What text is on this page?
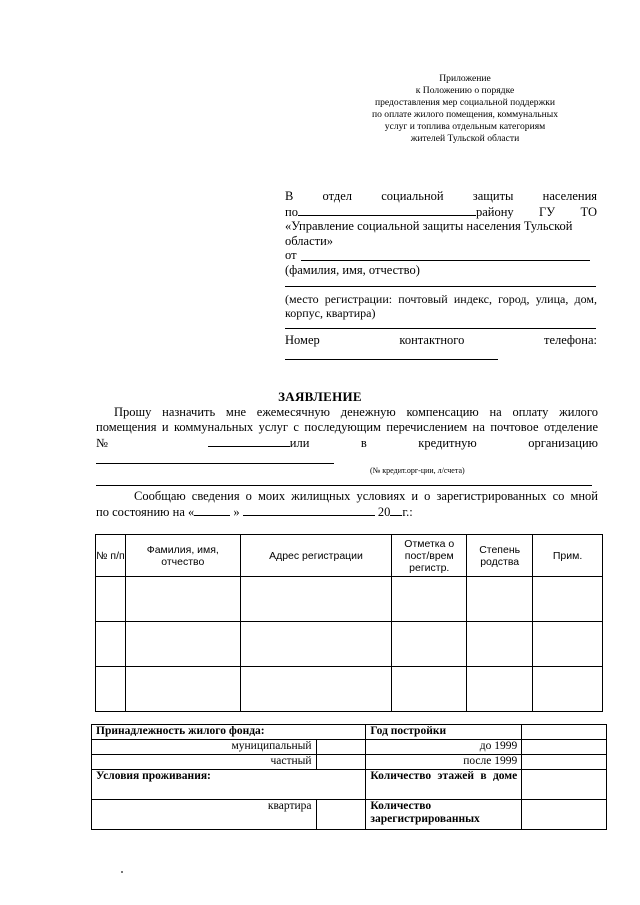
Приложение
к Положению о порядке
предоставления мер социальной поддержки
по оплате жилого помещения, коммунальных
услуг и топлива отдельным категориям
жителей Тульской области
В отдел социальной защиты населения
по	району ГУ ТО
«Управление социальной защиты населения Тульской
области»
от
(фамилия, имя, отчество)
(место регистрации: почтовый индекс, город, улица, дом,
корпус, квартира)
Номер	контактного	телефона:
ЗАЯВЛЕНИЕ
Прошу назначить мне ежемесячную денежную компенсацию на оплату жилого
помещения и коммунальных услуг с последующим перечислением на почтовое отделение
№	или	в	кредитную	организацию
(№ кредит.орг-ции, л/счета)
Сообщаю сведения о моих жилищных условиях и о зарегистрированных со мной
по состоянию на «	»	20 г.:
№ п/п	Фамилия, имя, отчество	Адрес регистрации	Отметка о пост/врем регистр.	Степень родства	Прим.

Принадлежность жилого фонда:		Год постройки	
муниципальный		до 1999	
частный		после 1999	
Условия проживания:		Количество этажей в доме	
квартира		Количество зарегистрированных	
